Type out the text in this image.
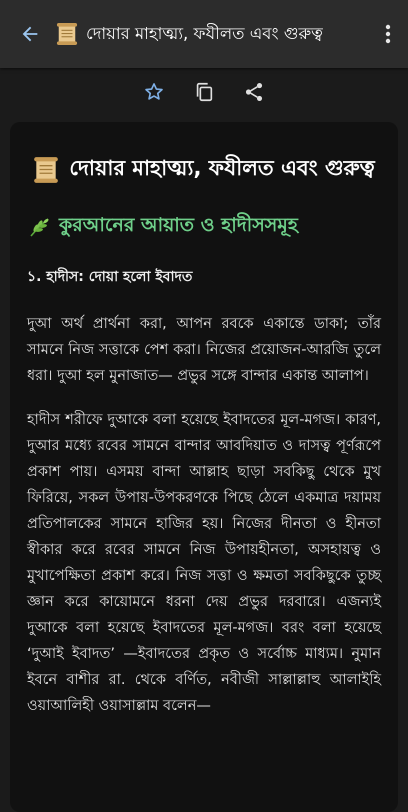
দোয়ার মাহাত্ম্য, ফযীলত এবং গুরুত্ব
দোয়ার মাহাত্ম্য, ফযীলত এবং গুরুত্ব
কুরআনের আয়াত ও হাদীসসমূহ
১. হাদীস: দোয়া হলো ইবাদত
দুআ অর্থ প্রার্থনা করা, আপন রবকে একান্তে ডাকা; তাঁর সামনে নিজ সত্তাকে পেশ করা। নিজের প্রয়োজন-আরজি তুলে ধরা। দুআ হল মুনাজাত— প্রভুর সঙ্গে বান্দার একান্ত আলাপ।
হাদীস শরীফে দুআকে বলা হয়েছে ইবাদতের মূল-মগজ। কারণ, দুআর মধ্যে রবের সামনে বান্দার আবদিয়াত ও দাসত্ব পূর্ণরূপে প্রকাশ পায়। এসময় বান্দা আল্লাহ ছাড়া সবকিছু থেকে মুখ ফিরিয়ে, সকল উপায়-উপকরণকে পিছে ঠেলে একমাত্র দয়াময় প্রতিপালকের সামনে হাজির হয়। নিজের দীনতা ও হীনতা স্বীকার করে রবের সামনে নিজ উপায়হীনতা, অসহায়ত্ব ও মুখাপেক্ষিতা প্রকাশ করে। নিজ সত্তা ও ক্ষমতা সবকিছুকে তুচ্ছ জ্ঞান করে কায়োমনে ধরনা দেয় প্রভুর দরবারে। এজন্যই দুআকে বলা হয়েছে ইবাদতের মূল-মগজ। বরং বলা হয়েছে ‘দুআই ইবাদত’ —ইবাদতের প্রকৃত ও সর্বোচ্চ মাধ্যম। নুমান ইবনে বাশীর রা. থেকে বর্ণিত, নবীজী সাল্লাল্লাহু আলাইহি ওয়াআলিহী ওয়াসাল্লাম বলেন—
